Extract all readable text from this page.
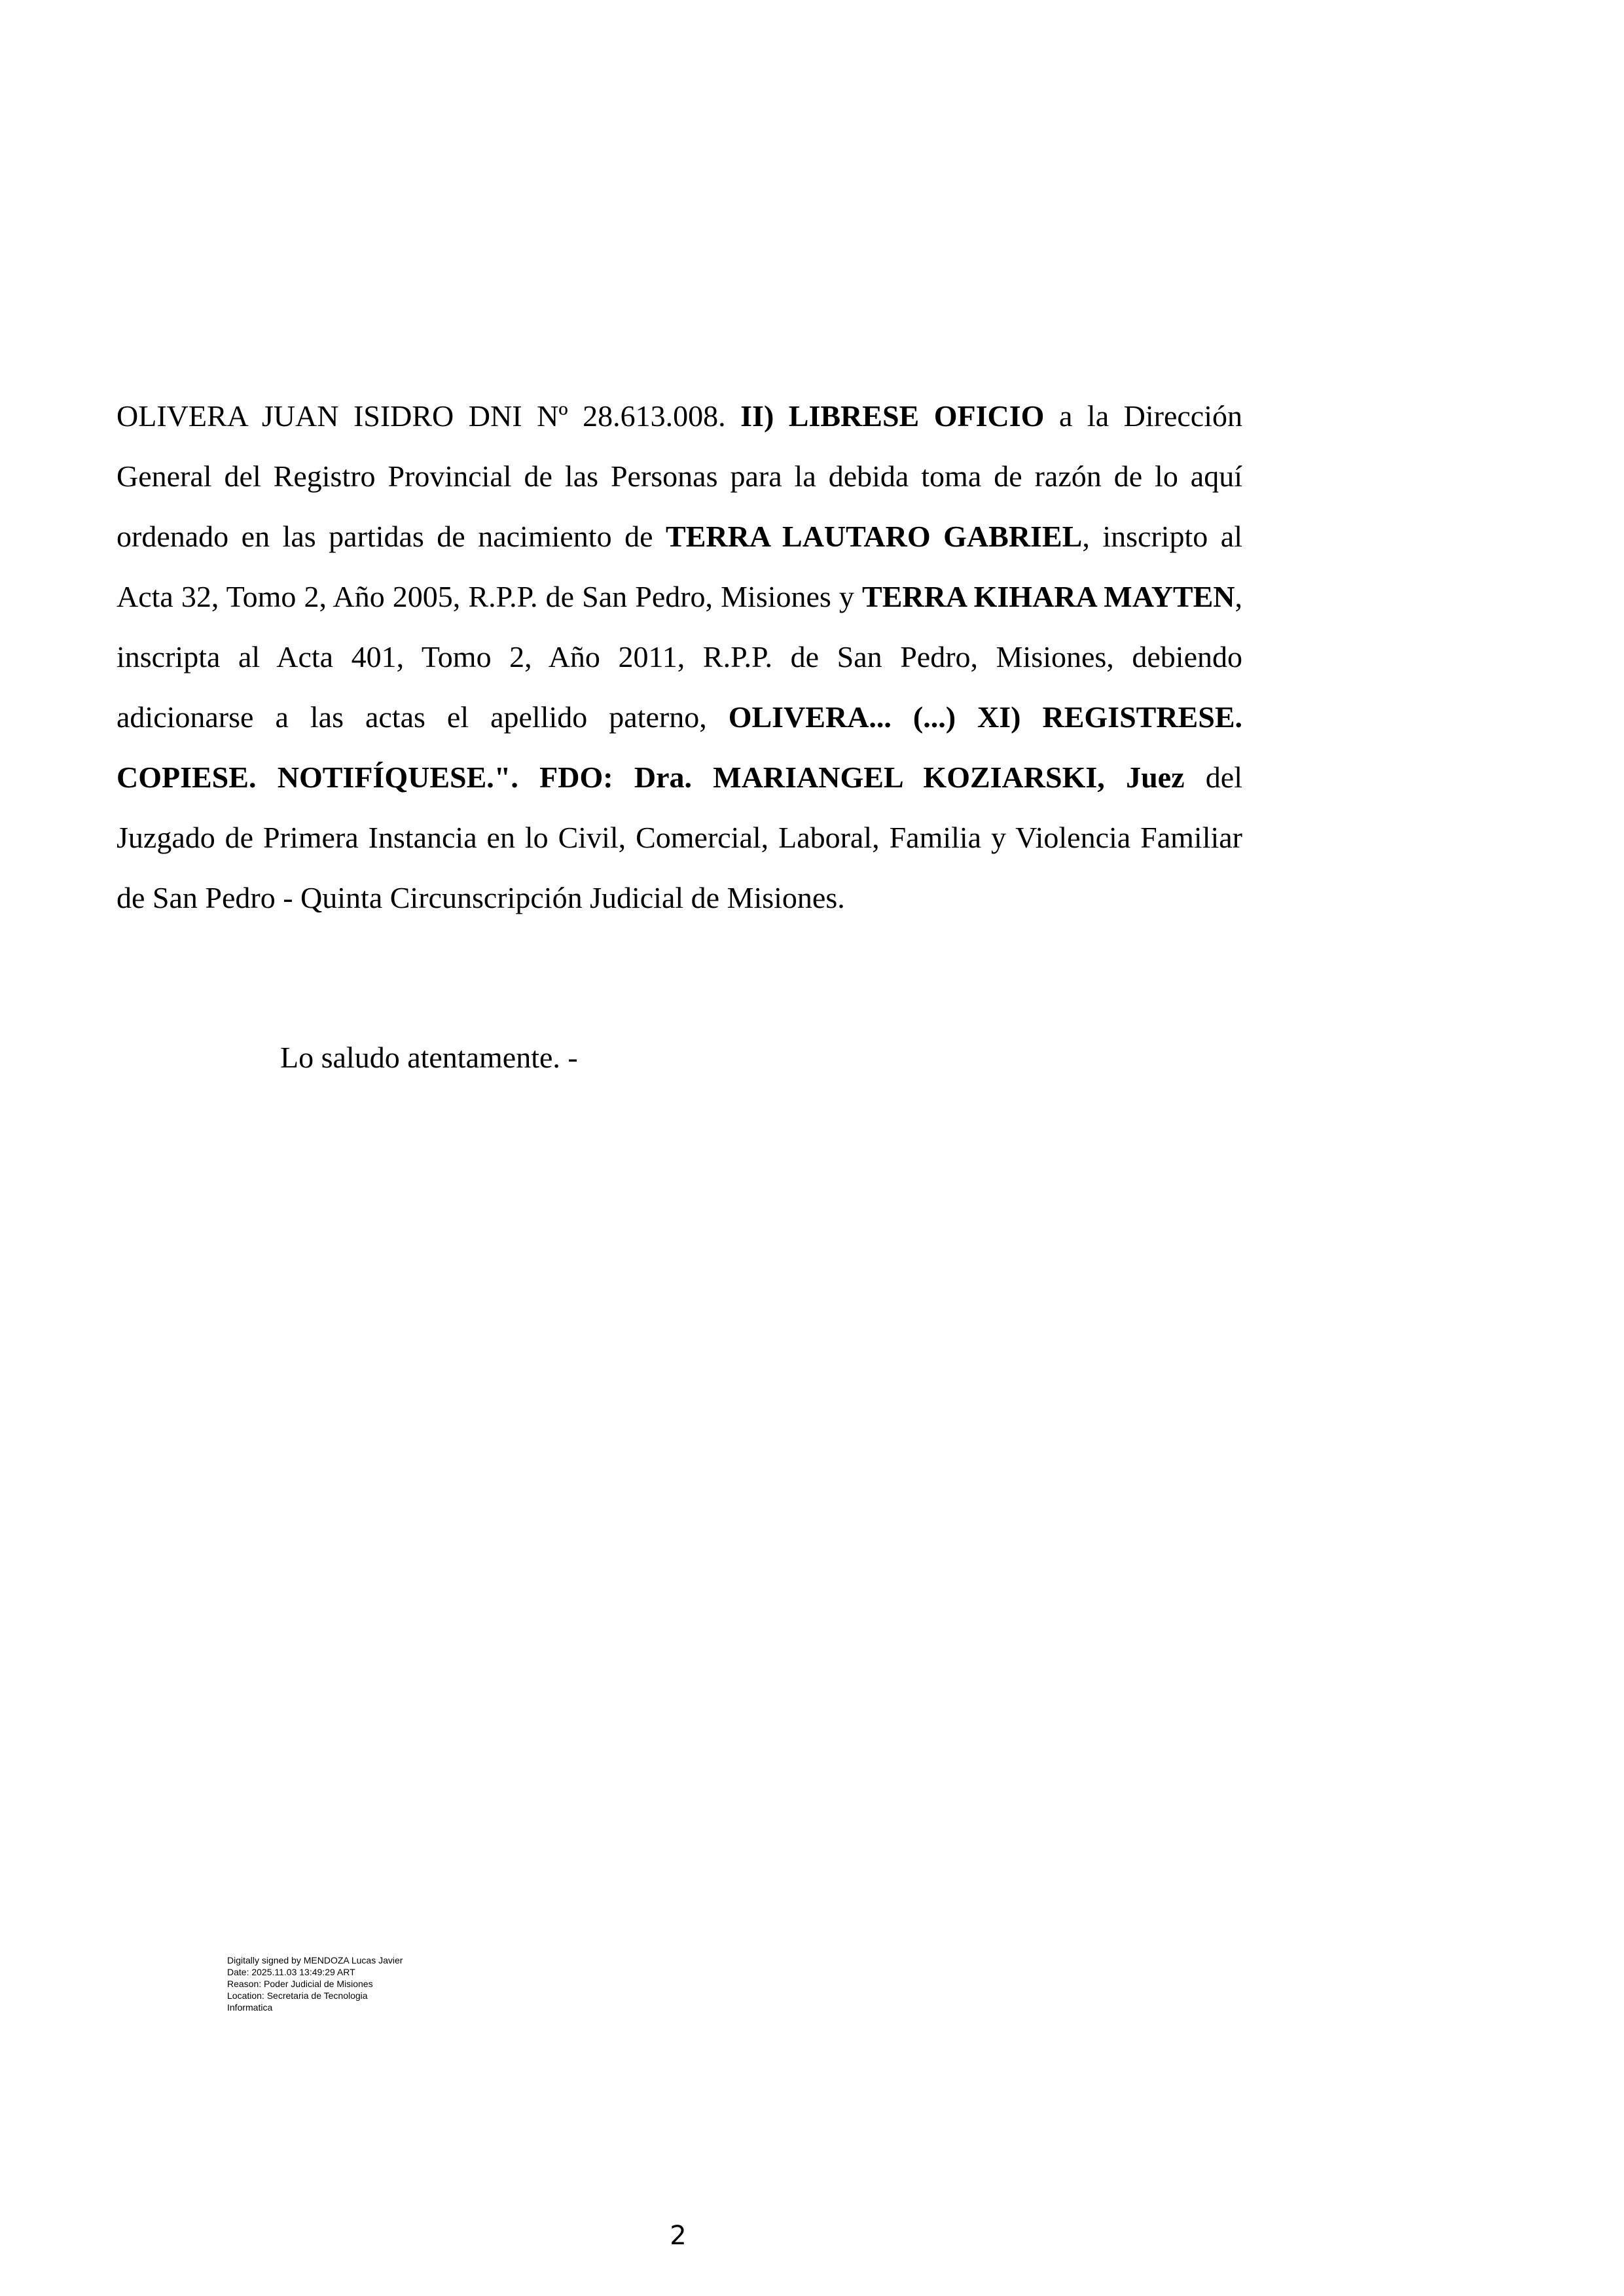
OLIVERA JUAN ISIDRO DNI Nº 28.613.008. II) LIBRESE OFICIO a la Dirección General del Registro Provincial de las Personas para la debida toma de razón de lo aquí ordenado en las partidas de nacimiento de TERRA LAUTARO GABRIEL, inscripto al Acta 32, Tomo 2, Año 2005, R.P.P. de San Pedro, Misiones y TERRA KIHARA MAYTEN, inscripta al Acta 401, Tomo 2, Año 2011, R.P.P. de San Pedro, Misiones, debiendo adicionarse a las actas el apellido paterno, OLIVERA... (...) XI) REGISTRESE. COPIESE. NOTIFÍQUESE.". FDO: Dra. MARIANGEL KOZIARSKI, Juez del Juzgado de Primera Instancia en lo Civil, Comercial, Laboral, Familia y Violencia Familiar de San Pedro - Quinta Circunscripción Judicial de Misiones.

Lo saludo atentamente. -

Digitally signed by MENDOZA Lucas Javier
Date: 2025.11.03 13:49:29 ART
Reason: Poder Judicial de Misiones
Location: Secretaria de Tecnologia
Informatica
2
